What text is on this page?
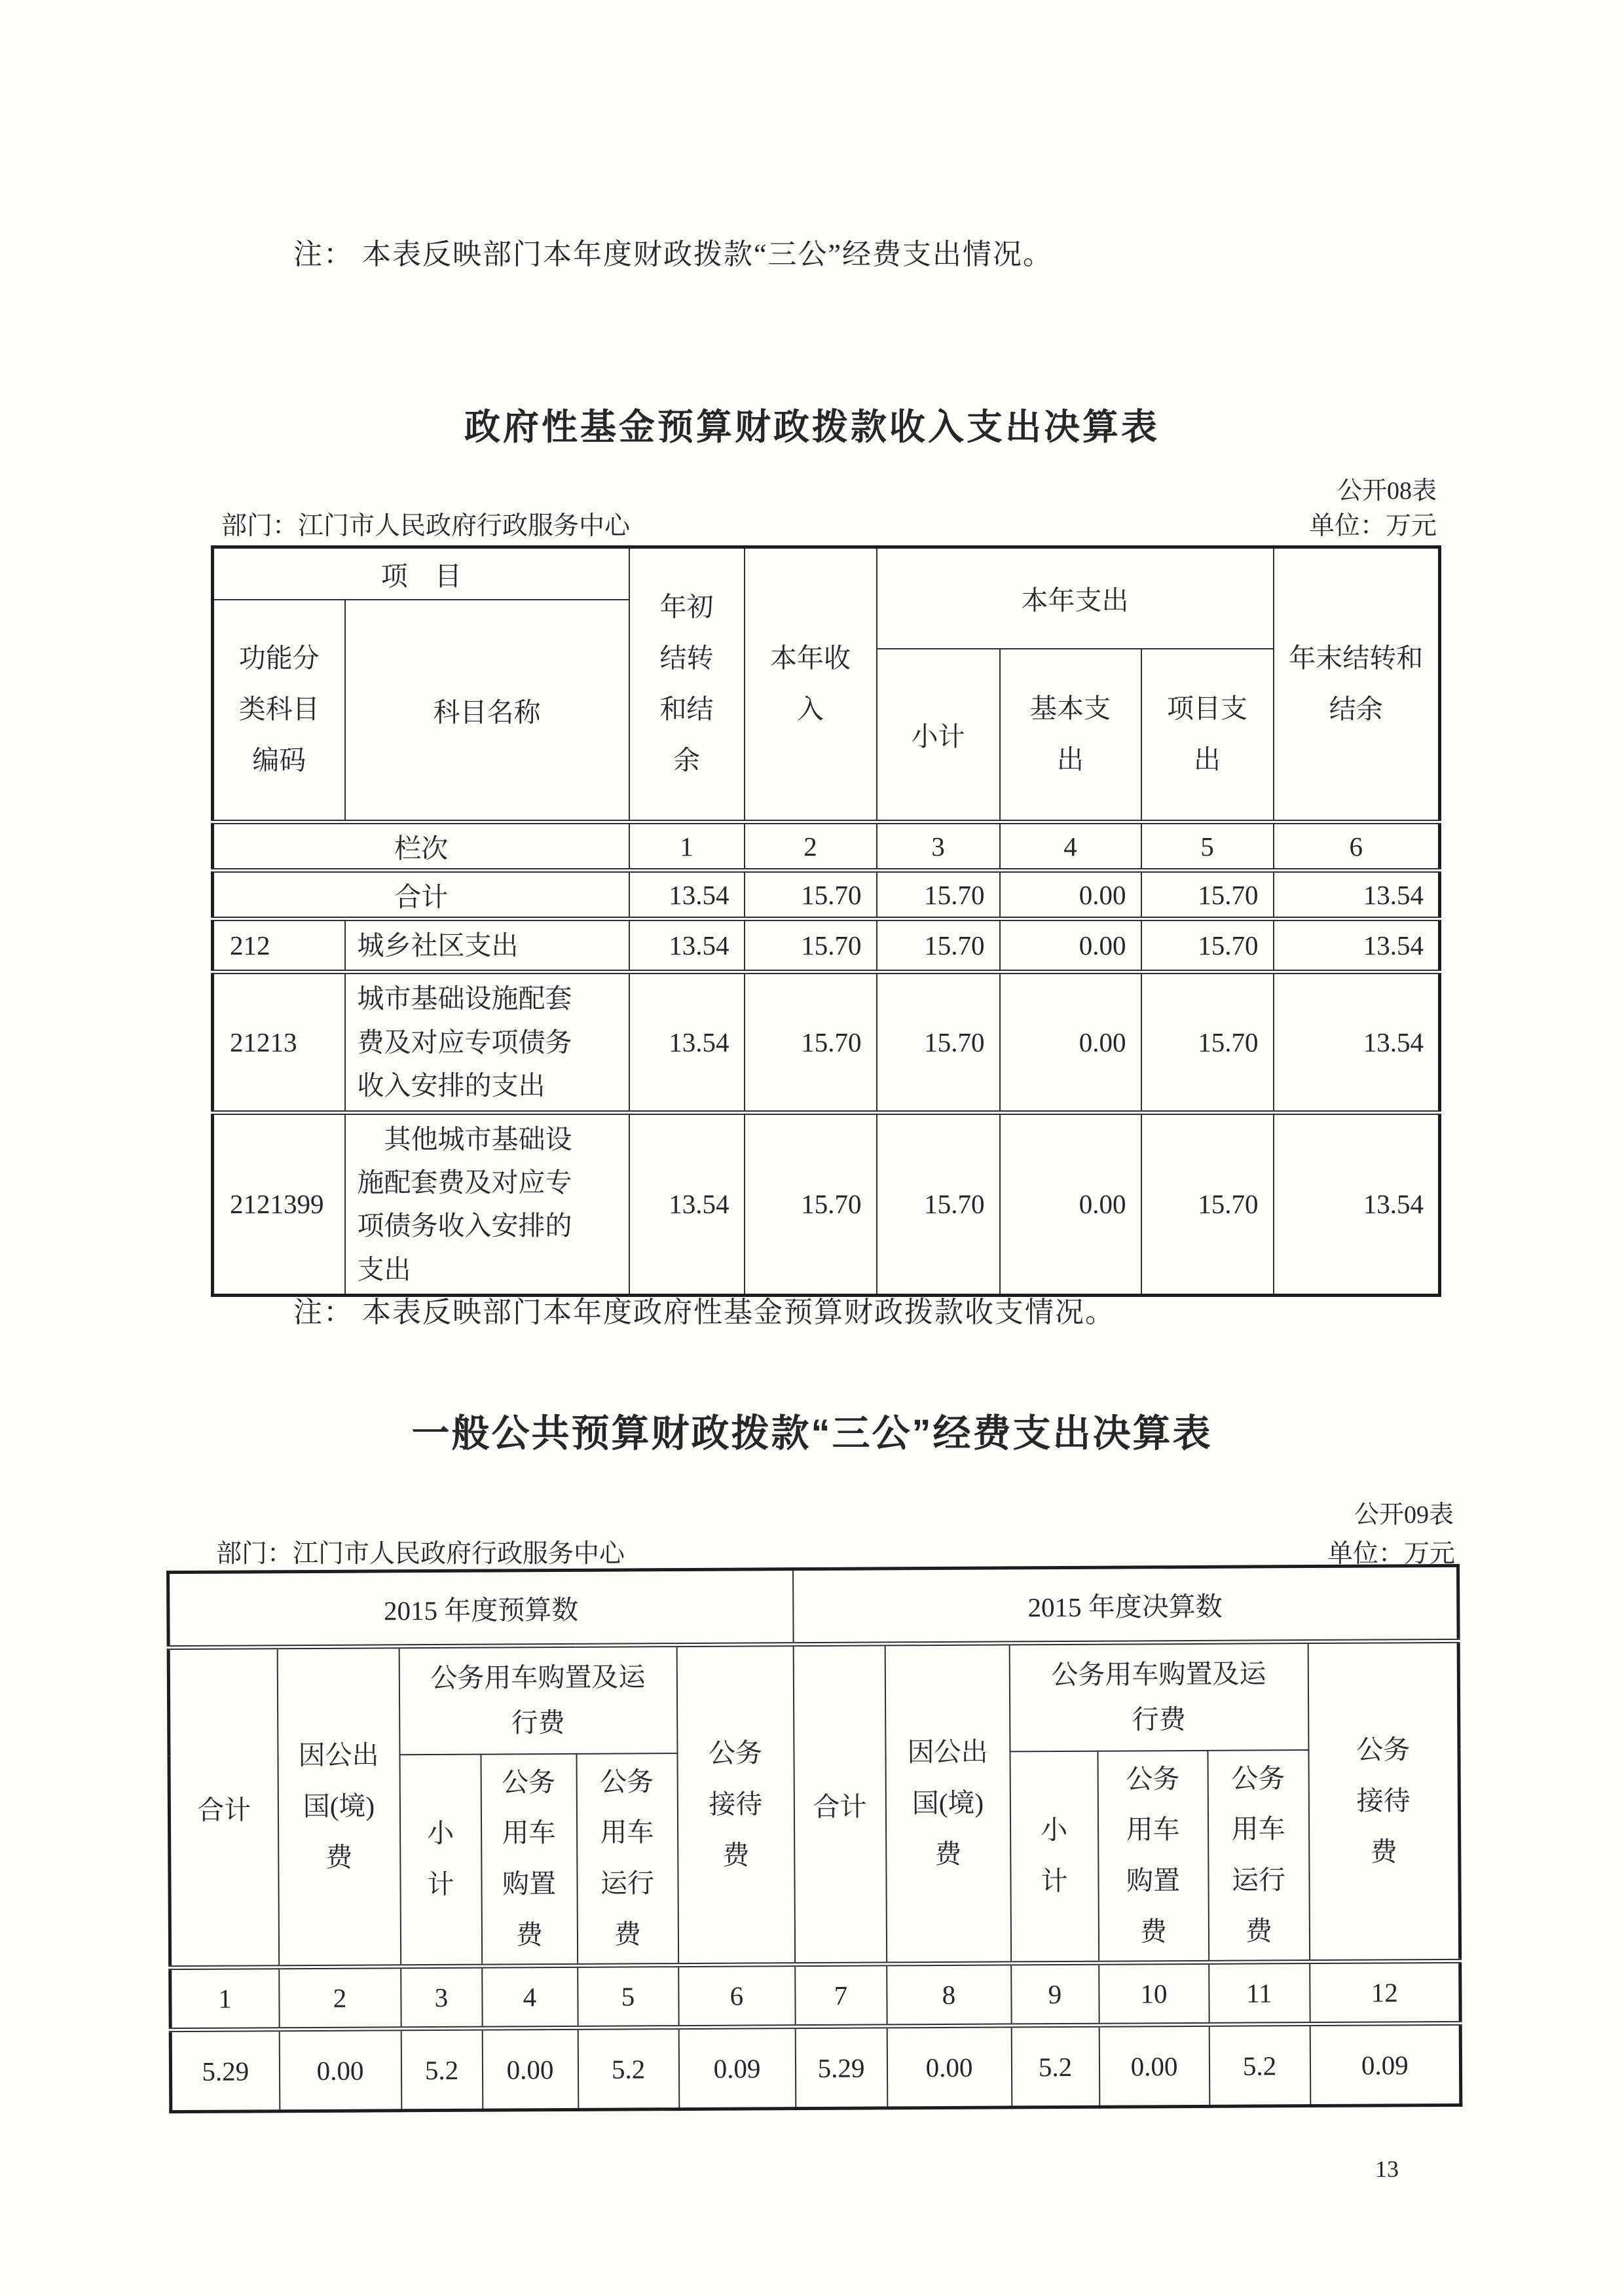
注： 本表反映部门本年度财政拨款“三公”经费支出情况。

政府性基金预算财政拨款收入支出决算表
公开08表
部门：江门市人民政府行政服务中心	单位：万元
项　目		年初结转和结余	本年收入	本年支出			年末结转和结余
功能分类科目编码	科目名称						
				小计	基本支出	项目支出	
栏次		1	2	3	4	5	6
合计		13.54	15.70	15.70	0.00	15.70	13.54
212	城乡社区支出	13.54	15.70	15.70	0.00	15.70	13.54
21213	城市基础设施配套费及对应专项债务收入安排的支出	13.54	15.70	15.70	0.00	15.70	13.54
2121399	其他城市基础设施配套费及对应专项债务收入安排的支出	13.54	15.70	15.70	0.00	15.70	13.54

注： 本表反映部门本年度政府性基金预算财政拨款收支情况。

一般公共预算财政拨款“三公”经费支出决算表
公开09表
部门：江门市人民政府行政服务中心	单位：万元
2015 年度预算数						2015 年度决算数					
合计	因公出国(境)费	公务用车购置及运行费			公务接待费	合计	因公出国(境)费	公务用车购置及运行费			公务接待费
		小计	公务用车购置费	公务用车运行费				小计	公务用车购置费	公务用车运行费	
1	2	3	4	5	6	7	8	9	10	11	12
5.29	0.00	5.2	0.00	5.2	0.09	5.29	0.00	5.2	0.00	5.2	0.09
13
